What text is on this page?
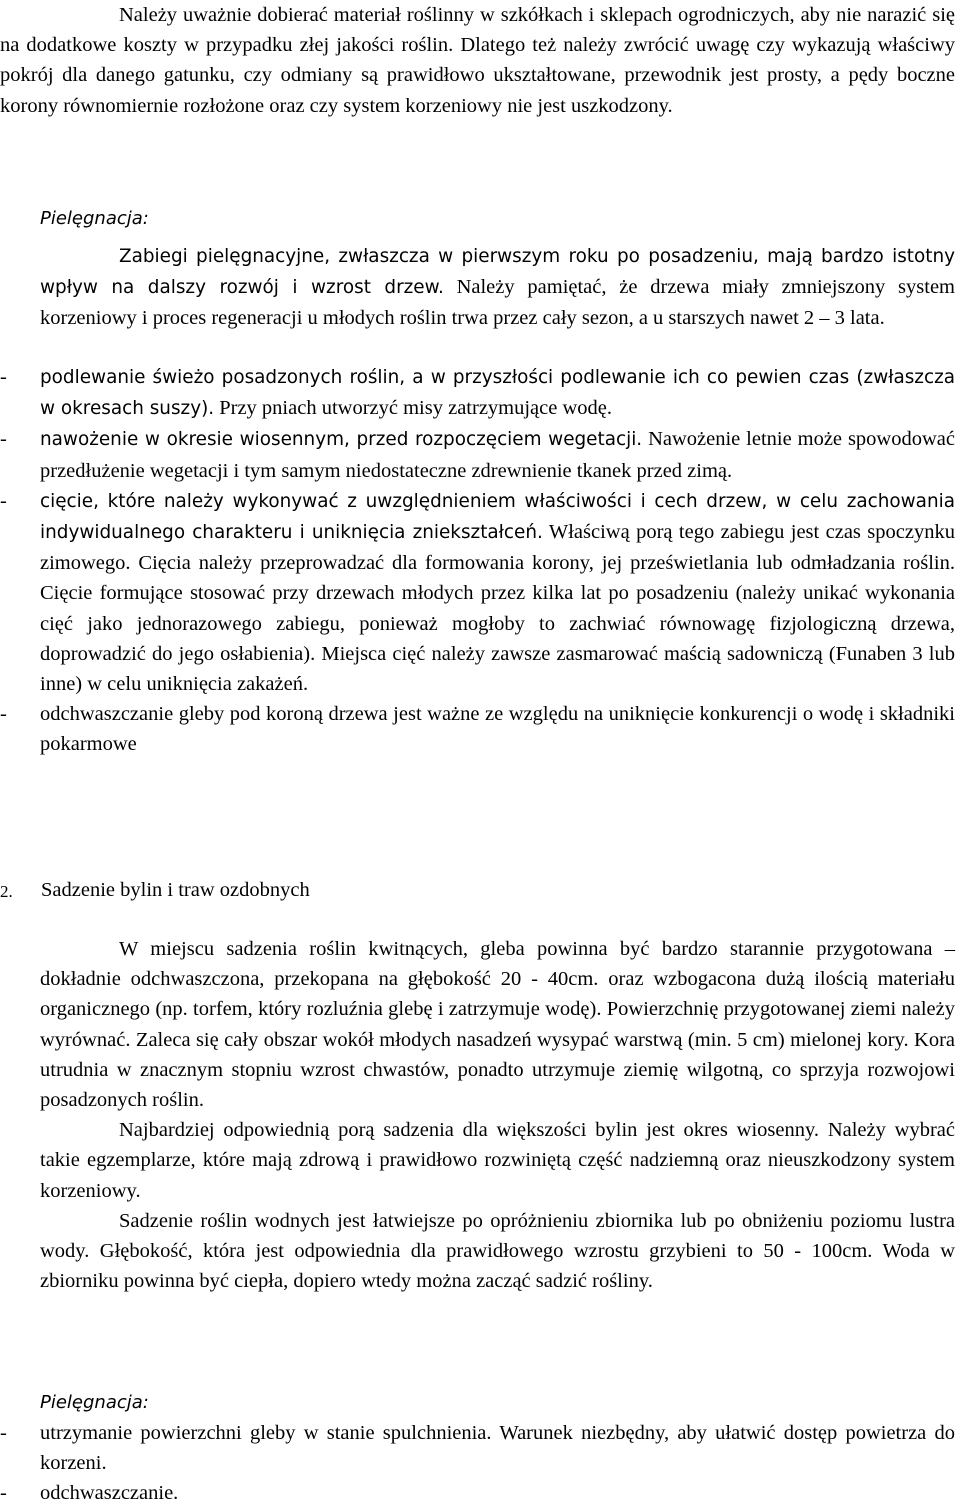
Należy uważnie dobierać materiał roślinny w szkółkach i sklepach ogrodniczych, aby nie narazić się na dodatkowe koszty w przypadku złej jakości roślin. Dlatego też należy zwrócić uwagę czy wykazują właściwy pokrój dla danego gatunku, czy odmiany są prawidłowo ukształtowane, przewodnik jest prosty, a pędy boczne korony równomiernie rozłożone oraz czy system korzeniowy nie jest uszkodzony.

Pielęgnacja:

Zabiegi pielęgnacyjne, zwłaszcza w pierwszym roku po posadzeniu, mają bardzo istotny wpływ na dalszy rozwój i wzrost drzew. Należy pamiętać, że drzewa miały zmniejszony system korzeniowy i proces regeneracji u młodych roślin trwa przez cały sezon, a u starszych nawet 2 – 3 lata.

- podlewanie świeżo posadzonych roślin, a w przyszłości podlewanie ich co pewien czas (zwłaszcza w okresach suszy). Przy pniach utworzyć misy zatrzymujące wodę.

- nawożenie w okresie wiosennym, przed rozpoczęciem wegetacji. Nawożenie letnie może spowodować przedłużenie wegetacji i tym samym niedostateczne zdrewnienie tkanek przed zimą.

- cięcie, które należy wykonywać z uwzględnieniem właściwości i cech drzew, w celu zachowania indywidualnego charakteru i uniknięcia zniekształceń. Właściwą porą tego zabiegu jest czas spoczynku zimowego. Cięcia należy przeprowadzać dla formowania korony, jej prześwietlania lub odmładzania roślin. Cięcie formujące stosować przy drzewach młodych przez kilka lat po posadzeniu (należy unikać wykonania cięć jako jednorazowego zabiegu, ponieważ mogłoby to zachwiać równowagę fizjologiczną drzewa, doprowadzić do jego osłabienia). Miejsca cięć należy zawsze zasmarować maścią sadowniczą (Funaben 3 lub inne) w celu uniknięcia zakażeń.

- odchwaszczanie gleby pod koroną drzewa jest ważne ze względu na uniknięcie konkurencji o wodę i składniki pokarmowe

2. Sadzenie bylin i traw ozdobnych

W miejscu sadzenia roślin kwitnących, gleba powinna być bardzo starannie przygotowana – dokładnie odchwaszczona, przekopana na głębokość 20 - 40cm. oraz wzbogacona dużą ilością materiału organicznego (np. torfem, który rozluźnia glebę i zatrzymuje wodę). Powierzchnię przygotowanej ziemi należy wyrównać. Zaleca się cały obszar wokół młodych nasadzeń wysypać warstwą (min. 5 cm) mielonej kory. Kora utrudnia w znacznym stopniu wzrost chwastów, ponadto utrzymuje ziemię wilgotną, co sprzyja rozwojowi posadzonych roślin.

Najbardziej odpowiednią porą sadzenia dla większości bylin jest okres wiosenny. Należy wybrać takie egzemplarze, które mają zdrową i prawidłowo rozwiniętą część nadziemną oraz nieuszkodzony system korzeniowy.

Sadzenie roślin wodnych jest łatwiejsze po opróżnieniu zbiornika lub po obniżeniu poziomu lustra wody. Głębokość, która jest odpowiednia dla prawidłowego wzrostu grzybieni to 50 - 100cm. Woda w zbiorniku powinna być ciepła, dopiero wtedy można zacząć sadzić rośliny.

Pielęgnacja:

- utrzymanie powierzchni gleby w stanie spulchnienia. Warunek niezbędny, aby ułatwić dostęp powietrza do korzeni.

- odchwaszczanie.
